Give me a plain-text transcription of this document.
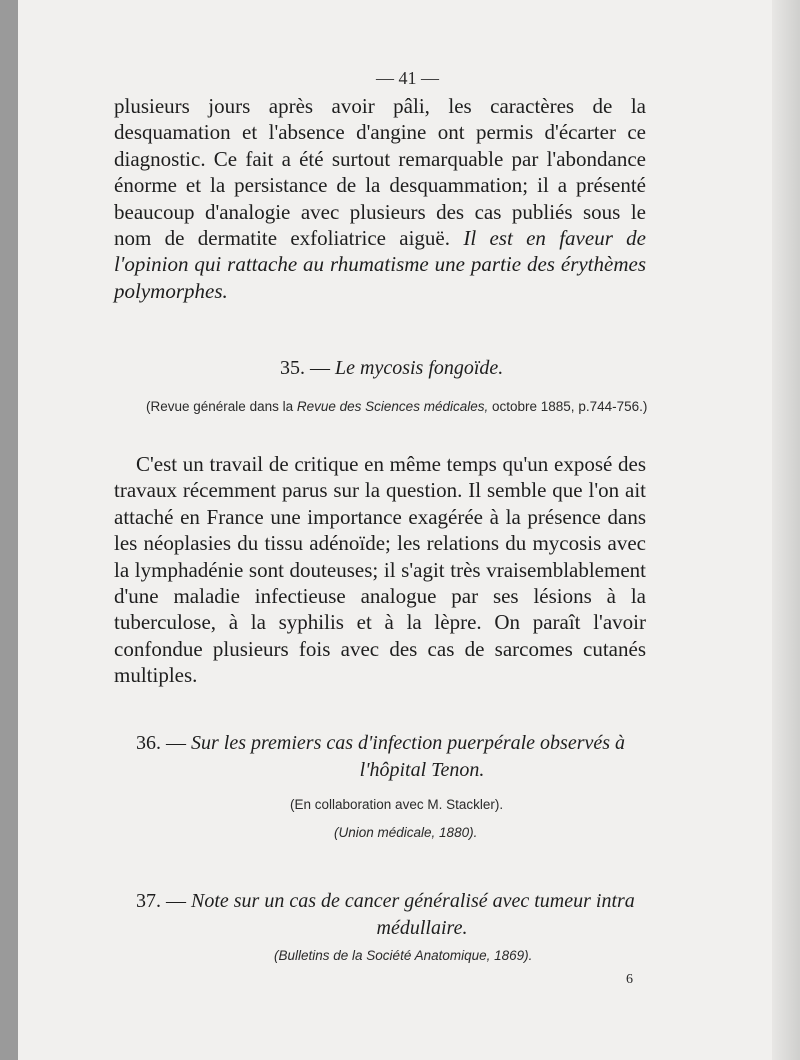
— 41 —
plusieurs jours après avoir pâli, les caractères de la desquamation et l'absence d'angine ont permis d'écarter ce diagnostic. Ce fait a été surtout remarquable par l'abondance énorme et la persistance de la desquammation; il a présenté beaucoup d'analogie avec plusieurs des cas publiés sous le nom de dermatite exfoliatrice aiguë. Il est en faveur de l'opinion qui rattache au rhumatisme une partie des érythèmes polymorphes.
35. — Le mycosis fongoïde.
(Revue générale dans la Revue des Sciences médicales, octobre 1885, p.744-756.)
C'est un travail de critique en même temps qu'un exposé des travaux récemment parus sur la question. Il semble que l'on ait attaché en France une importance exagérée à la présence dans les néoplasies du tissu adénoïde; les relations du mycosis avec la lymphadénie sont douteuses; il s'agit très vraisemblablement d'une maladie infectieuse analogue par ses lésions à la tuberculose, à la syphilis et à la lèpre. On paraît l'avoir confondue plusieurs fois avec des cas de sarcomes cutanés multiples.
36. — Sur les premiers cas d'infection puerpérale observés à
l'hôpital Tenon.
(En collaboration avec M. Stackler).
(Union médicale, 1880).
37. — Note sur un cas de cancer généralisé avec tumeur intra
médullaire.
(Bulletins de la Société Anatomique, 1869).
6
